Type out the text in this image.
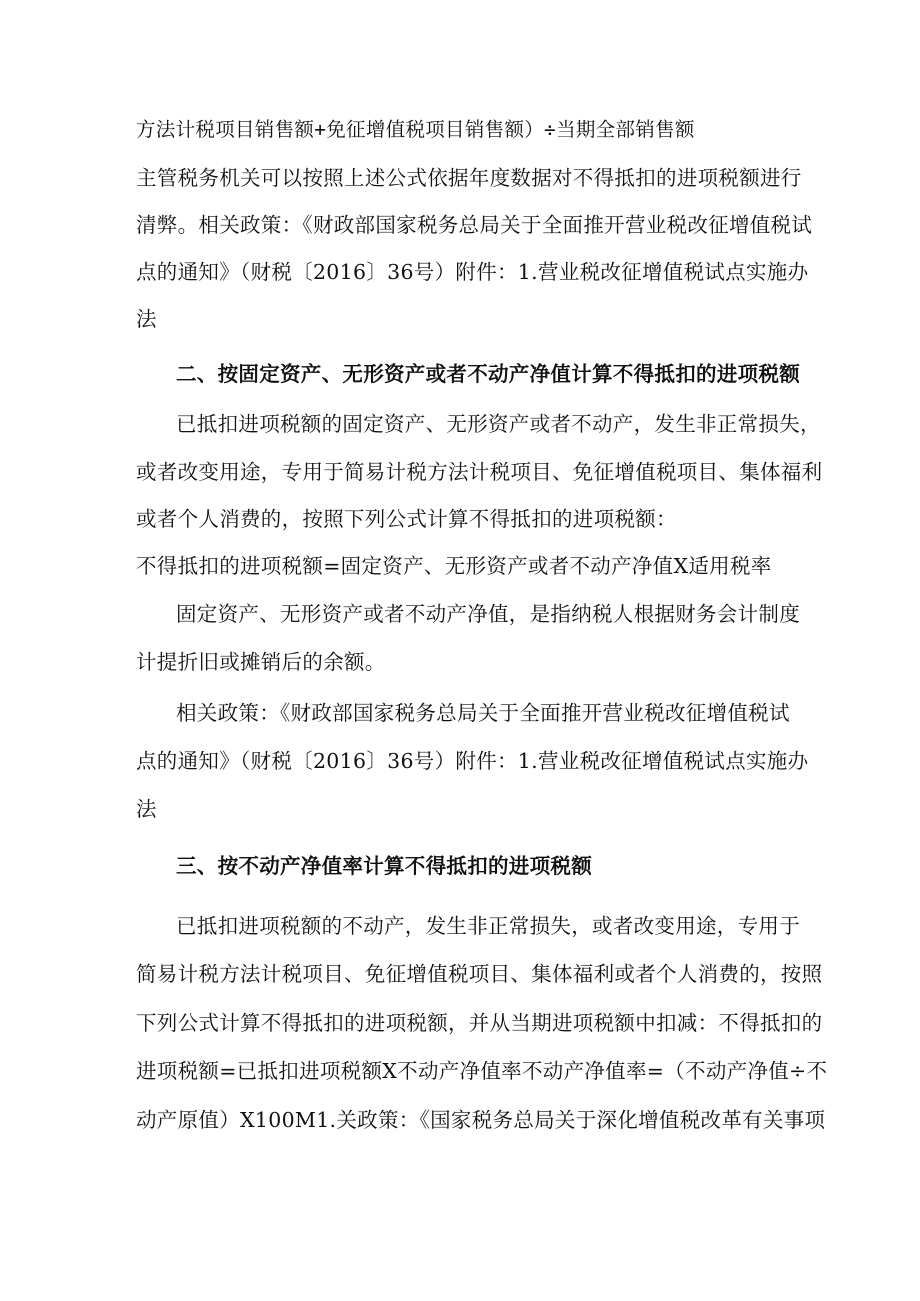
方法计税项目销售额+免征增值税项目销售额）÷当期全部销售额
主管税务机关可以按照上述公式依据年度数据对不得抵扣的进项税额进行
清弊。相关政策：《财政部国家税务总局关于全面推开营业税改征增值税试
点的通知》（财税〔2016〕36号）附件：1.营业税改征增值税试点实施办
法
二、按固定资产、无形资产或者不动产净值计算不得抵扣的进项税额
已抵扣进项税额的固定资产、无形资产或者不动产，发生非正常损失，
或者改变用途，专用于简易计税方法计税项目、免征增值税项目、集体福利
或者个人消费的，按照下列公式计算不得抵扣的进项税额：
不得抵扣的进项税额=固定资产、无形资产或者不动产净值X适用税率
固定资产、无形资产或者不动产净值，是指纳税人根据财务会计制度
计提折旧或摊销后的余额。
相关政策：《财政部国家税务总局关于全面推开营业税改征增值税试
点的通知》（财税〔2016〕36号）附件：1.营业税改征增值税试点实施办
法
三、按不动产净值率计算不得抵扣的进项税额
已抵扣进项税额的不动产，发生非正常损失，或者改变用途，专用于
简易计税方法计税项目、免征增值税项目、集体福利或者个人消费的，按照
下列公式计算不得抵扣的进项税额，并从当期进项税额中扣减：不得抵扣的
进项税额=已抵扣进项税额X不动产净值率不动产净值率=（不动产净值÷不
动产原值）X100M1.关政策：《国家税务总局关于深化增值税改革有关事项
